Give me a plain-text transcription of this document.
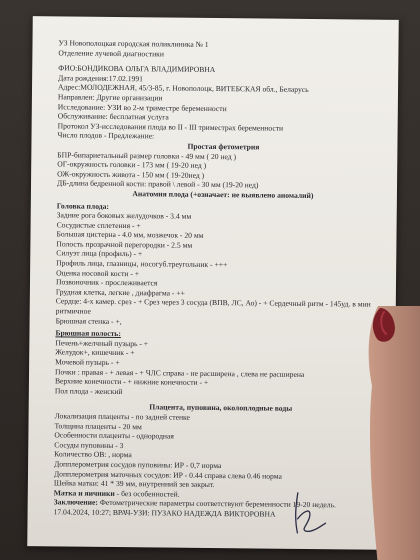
УЗ Новополоцкая городская поликлиника № 1
Отделение лучевой диагностики
ФИО:БОНДИКОВА ОЛЬГА ВЛАДИМИРОВНА
Дата рождения:17.02.1991
Адрес:МОЛОДЕЖНАЯ, 45/3-85, г. Новополоцк, ВИТЕБСКАЯ обл., Беларусь
Направлен: Другие организации
Исследование: УЗИ во 2-м триместре беременности
Обслуживание: бесплатная услуга
Протокол УЗ-исследования плода во II - III триместрах беременности
Число плодов - Предлежание:
Простая фетометрия
БПР-бипариетальный размер головки - 49 мм ( 20 нед )
ОГ-окружность головки - 173 мм ( 19-20 нед )
ОЖ-окружность живота - 150 мм ( 19-20нед )
ДБ-длина бедренной кости: правой \ левой - 30 мм (19-20 нед)
Анатомия плода (+означает: не выявлено аномалий)
Головка плода:
Задние рога боковых желудочков - 3.4 мм
Сосудистые сплетения - +
Большая цистерна - 4.0 мм, мозжечок - 20 мм
Полость прозрачной перегородки - 2.5 мм
Силуэт лица (профиль) - +
Профиль лица, глазницы, носогуб.треугольник - +++
Оценка носовой кости - +
Позвоночник - прослеживается
Грудная клетка, легкие , диафрагма - ++
Сердце: 4-х камер. срез - + Срез через 3 сосуда (ВПВ, ЛС, Ао) - + Сердечный ритм - 145уд. в мин
ритмичное
Брюшная стенка - +,
Брюшная полость:
Печень+желчный пузырь - +
Желудок+, кишечник - +
Мочевой пузырь - +
Почки : правая - + левая - + ЧЛС справа - не расширена , слева не расширена
Верхние конечности - + нижние конечности - +
Пол плода - женский
Плацента, пуповина, околоплодные воды
Локализация плаценты - по задней стенке
Толщина плаценты - 20 мм
Особенности плаценты - однородная
Сосуды пуповины - 3
Количество ОВ: , норма
Допплерометрия сосудов пуповины: ИР - 0,7 норма
Допплерометрия маточных сосудов: ИР - 0.44 справа слева 0.46 норма
Шейка матки: 41 * 39 мм, внутренний зев закрыт.
Матка и яичники - без особенностей.
Заключение: Фетометрические параметры соответствуют беременности 19-20 недель.
17.04.2024, 10:27; ВРАЧ-УЗИ: ПУЗАКО НАДЕЖДА ВИКТОРОВНА
